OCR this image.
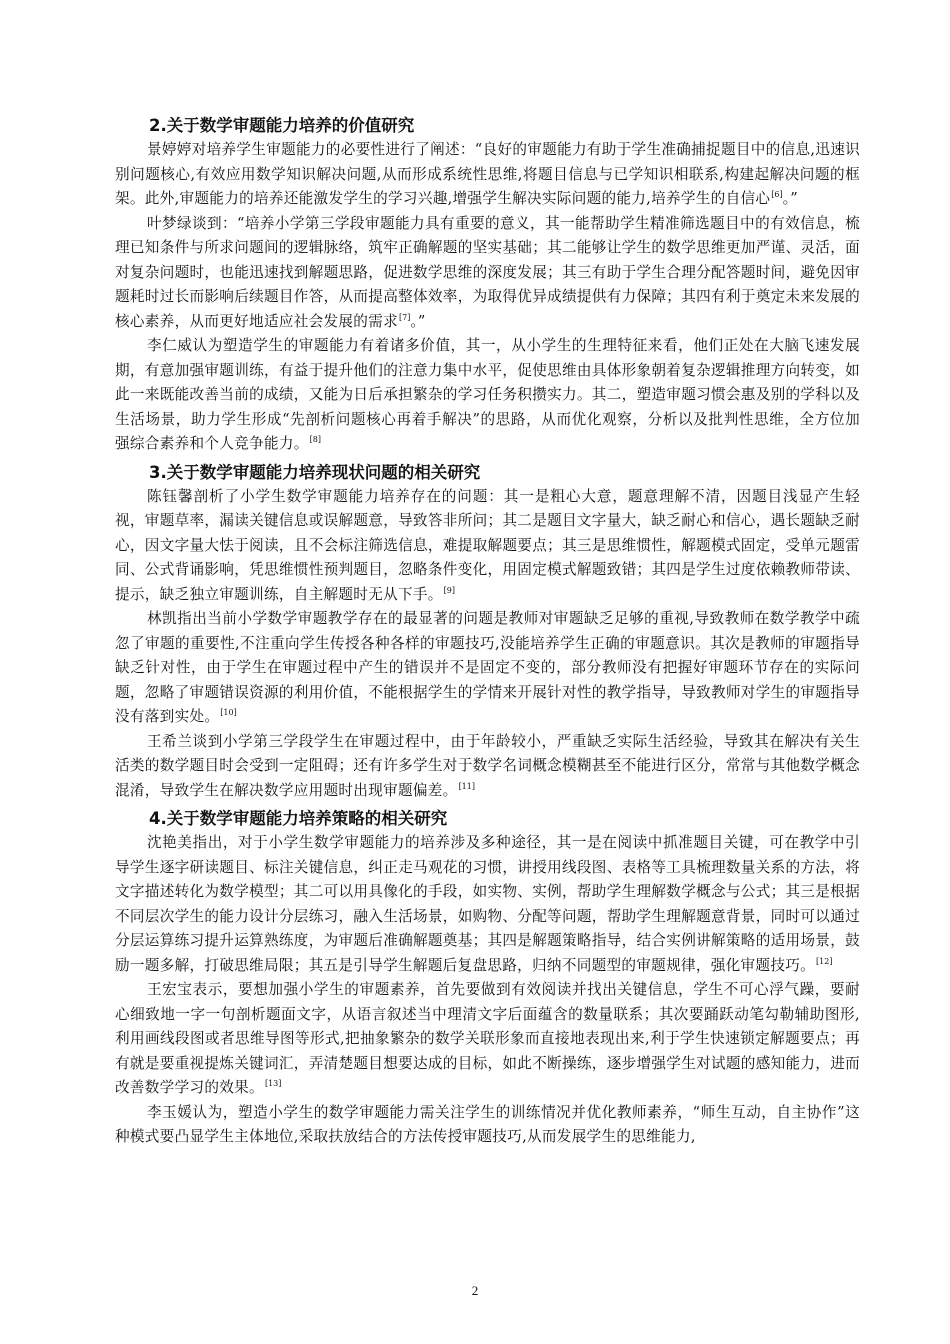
2.关于数学审题能力培养的价值研究

景婷婷对培养学生审题能力的必要性进行了阐述：“良好的审题能力有助于学生准确捕捉题目中的信息,迅速识别问题核心,有效应用数学知识解决问题,从而形成系统性思维,将题目信息与已学知识相联系,构建起解决问题的框架。此外,审题能力的培养还能激发学生的学习兴趣,增强学生解决实际问题的能力,培养学生的自信心[6]。”

叶梦绿谈到：“培养小学第三学段审题能力具有重要的意义，其一能帮助学生精准筛选题目中的有效信息，梳理已知条件与所求问题间的逻辑脉络，筑牢正确解题的坚实基础；其二能够让学生的数学思维更加严谨、灵活，面对复杂问题时，也能迅速找到解题思路，促进数学思维的深度发展；其三有助于学生合理分配答题时间，避免因审题耗时过长而影响后续题目作答，从而提高整体效率，为取得优异成绩提供有力保障；其四有利于奠定未来发展的核心素养，从而更好地适应社会发展的需求[7]。”

李仁威认为塑造学生的审题能力有着诸多价值，其一，从小学生的生理特征来看，他们正处在大脑飞速发展期，有意加强审题训练，有益于提升他们的注意力集中水平，促使思维由具体形象朝着复杂逻辑推理方向转变，如此一来既能改善当前的成绩，又能为日后承担繁杂的学习任务积攒实力。其二，塑造审题习惯会惠及别的学科以及生活场景，助力学生形成“先剖析问题核心再着手解决”的思路，从而优化观察，分析以及批判性思维，全方位加强综合素养和个人竞争能力。[8]

3.关于数学审题能力培养现状问题的相关研究

陈钰馨剖析了小学生数学审题能力培养存在的问题：其一是粗心大意，题意理解不清，因题目浅显产生轻视，审题草率，漏读关键信息或误解题意，导致答非所问；其二是题目文字量大，缺乏耐心和信心，遇长题缺乏耐心，因文字量大怯于阅读，且不会标注筛选信息，难提取解题要点；其三是思维惯性，解题模式固定，受单元题雷同、公式背诵影响，凭思维惯性预判题目，忽略条件变化，用固定模式解题致错；其四是学生过度依赖教师带读、提示，缺乏独立审题训练，自主解题时无从下手。[9]

林凯指出当前小学数学审题教学存在的最显著的问题是教师对审题缺乏足够的重视,导致教师在数学教学中疏忽了审题的重要性,不注重向学生传授各种各样的审题技巧,没能培养学生正确的审题意识。其次是教师的审题指导缺乏针对性，由于学生在审题过程中产生的错误并不是固定不变的，部分教师没有把握好审题环节存在的实际问题，忽略了审题错误资源的利用价值，不能根据学生的学情来开展针对性的教学指导，导致教师对学生的审题指导没有落到实处。[10]

王希兰谈到小学第三学段学生在审题过程中，由于年龄较小，严重缺乏实际生活经验，导致其在解决有关生活类的数学题目时会受到一定阻碍；还有许多学生对于数学名词概念模糊甚至不能进行区分，常常与其他数学概念混淆，导致学生在解决数学应用题时出现审题偏差。[11]

4.关于数学审题能力培养策略的相关研究

沈艳美指出，对于小学生数学审题能力的培养涉及多种途径，其一是在阅读中抓准题目关键，可在教学中引导学生逐字研读题目、标注关键信息，纠正走马观花的习惯，讲授用线段图、表格等工具梳理数量关系的方法，将文字描述转化为数学模型；其二可以用具像化的手段，如实物、实例，帮助学生理解数学概念与公式；其三是根据不同层次学生的能力设计分层练习，融入生活场景，如购物、分配等问题，帮助学生理解题意背景，同时可以通过分层运算练习提升运算熟练度，为审题后准确解题奠基；其四是解题策略指导，结合实例讲解策略的适用场景，鼓励一题多解，打破思维局限；其五是引导学生解题后复盘思路，归纳不同题型的审题规律，强化审题技巧。[12]

王宏宝表示，要想加强小学生的审题素养，首先要做到有效阅读并找出关键信息，学生不可心浮气躁，要耐心细致地一字一句剖析题面文字，从语言叙述当中理清文字后面蕴含的数量联系；其次要踊跃动笔勾勒辅助图形,利用画线段图或者思维导图等形式,把抽象繁杂的数学关联形象而直接地表现出来,利于学生快速锁定解题要点；再有就是要重视提炼关键词汇，弄清楚题目想要达成的目标，如此不断操练，逐步增强学生对试题的感知能力，进而改善数学学习的效果。[13]

李玉媛认为，塑造小学生的数学审题能力需关注学生的训练情况并优化教师素养，“师生互动，自主协作”这种模式要凸显学生主体地位,采取扶放结合的方法传授审题技巧,从而发展学生的思维能力,

2
